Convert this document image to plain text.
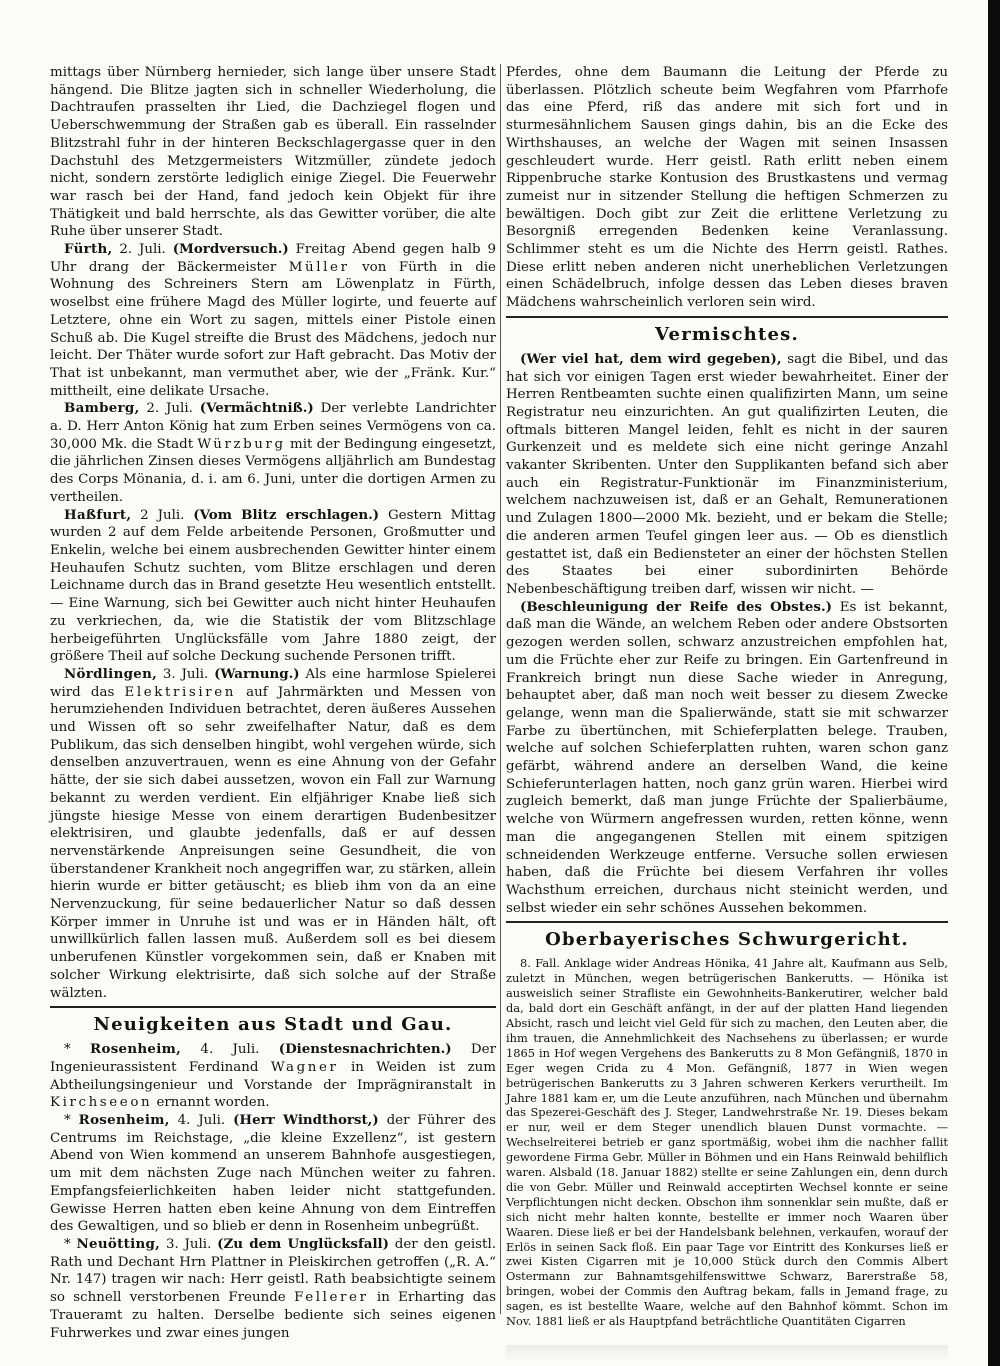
mittags über Nürnberg hernieder, sich lange über unsere Stadt hängend. Die Blitze jagten sich in schneller Wiederholung, die Dachtraufen prasselten ihr Lied, die Dachziegel flogen und Ueberschwemmung der Straßen gab es überall. Ein rasselnder Blitzstrahl fuhr in der hinteren Beckschlagergasse quer in den Dachstuhl des Metzgermeisters Witzmüller, zündete jedoch nicht, sondern zerstörte lediglich einige Ziegel. Die Feuerwehr war rasch bei der Hand, fand jedoch kein Objekt für ihre Thätigkeit und bald herrschte, als das Gewitter vorüber, die alte Ruhe über unserer Stadt.

Fürth, 2. Juli. (Mordversuch.) Freitag Abend gegen halb 9 Uhr drang der Bäckermeister Müller von Fürth in die Wohnung des Schreiners Stern am Löwenplatz in Fürth, woselbst eine frühere Magd des Müller logirte, und feuerte auf Letztere, ohne ein Wort zu sagen, mittels einer Pistole einen Schuß ab. Die Kugel streifte die Brust des Mädchens, jedoch nur leicht. Der Thäter wurde sofort zur Haft gebracht. Das Motiv der That ist unbekannt, man vermuthet aber, wie der „Fränk. Kur.“ mittheilt, eine delikate Ursache.

Bamberg, 2. Juli. (Vermächtniß.) Der verlebte Landrichter a. D. Herr Anton König hat zum Erben seines Vermögens von ca. 30,000 Mk. die Stadt Würzburg mit der Bedingung eingesetzt, die jährlichen Zinsen dieses Vermögens alljährlich am Bundestag des Corps Mönania, d. i. am 6. Juni, unter die dortigen Armen zu vertheilen.

Haßfurt, 2 Juli. (Vom Blitz erschlagen.) Gestern Mittag wurden 2 auf dem Felde arbeitende Personen, Großmutter und Enkelin, welche bei einem ausbrechenden Gewitter hinter einem Heuhaufen Schutz suchten, vom Blitze erschlagen und deren Leichname durch das in Brand gesetzte Heu wesentlich entstellt. — Eine Warnung, sich bei Gewitter auch nicht hinter Heuhaufen zu verkriechen, da, wie die Statistik der vom Blitzschlage herbeigeführten Unglücksfälle vom Jahre 1880 zeigt, der größere Theil auf solche Deckung suchende Personen trifft.

Nördlingen, 3. Juli. (Warnung.) Als eine harmlose Spielerei wird das Elektrisiren auf Jahrmärkten und Messen von herumziehenden Individuen betrachtet, deren äußeres Aussehen und Wissen oft so sehr zweifelhafter Natur, daß es dem Publikum, das sich denselben hingibt, wohl vergehen würde, sich denselben anzuvertrauen, wenn es eine Ahnung von der Gefahr hätte, der sie sich dabei aussetzen, wovon ein Fall zur Warnung bekannt zu werden verdient. Ein elfjähriger Knabe ließ sich jüngste hiesige Messe von einem derartigen Budenbesitzer elektrisiren, und glaubte jedenfalls, daß er auf dessen nervenstärkende Anpreisungen seine Gesundheit, die von überstandener Krankheit noch angegriffen war, zu stärken, allein hierin wurde er bitter getäuscht; es blieb ihm von da an eine Nervenzuckung, für seine bedauerlicher Natur so daß dessen Körper immer in Unruhe ist und was er in Händen hält, oft unwillkürlich fallen lassen muß. Außerdem soll es bei diesem unberufenen Künstler vorgekommen sein, daß er Knaben mit solcher Wirkung elektrisirte, daß sich solche auf der Straße wälzten.

Neuigkeiten aus Stadt und Gau.

* Rosenheim, 4. Juli. (Dienstesnachrichten.) Der Ingenieurassistent Ferdinand Wagner in Weiden ist zum Abtheilungsingenieur und Vorstande der Imprägniranstalt in Kirchseeon ernannt worden.

* Rosenheim, 4. Juli. (Herr Windthorst,) der Führer des Centrums im Reichstage, „die kleine Exzellenz“, ist gestern Abend von Wien kommend an unserem Bahnhofe ausgestiegen, um mit dem nächsten Zuge nach München weiter zu fahren. Empfangsfeierlichkeiten haben leider nicht stattgefunden. Gewisse Herren hatten eben keine Ahnung von dem Eintreffen des Gewaltigen, und so blieb er denn in Rosenheim unbegrüßt.

* Neuötting, 3. Juli. (Zu dem Unglücksfall) der den geistl. Rath und Dechant Hrn Plattner in Pleiskirchen getroffen („R. A.“ Nr. 147) tragen wir nach: Herr geistl. Rath beabsichtigte seinem so schnell verstorbenen Freunde Fellerer in Erharting das Traueramt zu halten. Derselbe bediente sich seines eigenen Fuhrwerkes und zwar eines jungen

Pferdes, ohne dem Baumann die Leitung der Pferde zu überlassen. Plötzlich scheute beim Wegfahren vom Pfarrhofe das eine Pferd, riß das andere mit sich fort und in sturmesähnlichem Sausen gings dahin, bis an die Ecke des Wirthshauses, an welche der Wagen mit seinen Insassen geschleudert wurde. Herr geistl. Rath erlitt neben einem Rippenbruche starke Kontusion des Brustkastens und vermag zumeist nur in sitzender Stellung die heftigen Schmerzen zu bewältigen. Doch gibt zur Zeit die erlittene Verletzung zu Besorgniß erregenden Bedenken keine Veranlassung. Schlimmer steht es um die Nichte des Herrn geistl. Rathes. Diese erlitt neben anderen nicht unerheblichen Verletzungen einen Schädelbruch, infolge dessen das Leben dieses braven Mädchens wahrscheinlich verloren sein wird.

Vermischtes.

(Wer viel hat, dem wird gegeben), sagt die Bibel, und das hat sich vor einigen Tagen erst wieder bewahrheitet. Einer der Herren Rentbeamten suchte einen qualifizirten Mann, um seine Registratur neu einzurichten. An gut qualifizirten Leuten, die oftmals bitteren Mangel leiden, fehlt es nicht in der sauren Gurkenzeit und es meldete sich eine nicht geringe Anzahl vakanter Skribenten. Unter den Supplikanten befand sich aber auch ein Registratur-Funktionär im Finanzministerium, welchem nachzuweisen ist, daß er an Gehalt, Remunerationen und Zulagen 1800—2000 Mk. bezieht, und er bekam die Stelle; die anderen armen Teufel gingen leer aus. — Ob es dienstlich gestattet ist, daß ein Bediensteter an einer der höchsten Stellen des Staates bei einer subordinirten Behörde Nebenbeschäftigung treiben darf, wissen wir nicht. —

(Beschleunigung der Reife des Obstes.) Es ist bekannt, daß man die Wände, an welchem Reben oder andere Obstsorten gezogen werden sollen, schwarz anzustreichen empfohlen hat, um die Früchte eher zur Reife zu bringen. Ein Gartenfreund in Frankreich bringt nun diese Sache wieder in Anregung, behauptet aber, daß man noch weit besser zu diesem Zwecke gelange, wenn man die Spalierwände, statt sie mit schwarzer Farbe zu übertünchen, mit Schieferplatten belege. Trauben, welche auf solchen Schieferplatten ruhten, waren schon ganz gefärbt, während andere an derselben Wand, die keine Schieferunterlagen hatten, noch ganz grün waren. Hierbei wird zugleich bemerkt, daß man junge Früchte der Spalierbäume, welche von Würmern angefressen wurden, retten könne, wenn man die angegangenen Stellen mit einem spitzigen schneidenden Werkzeuge entferne. Versuche sollen erwiesen haben, daß die Früchte bei diesem Verfahren ihr volles Wachsthum erreichen, durchaus nicht steinicht werden, und selbst wieder ein sehr schönes Aussehen bekommen.

Oberbayerisches Schwurgericht.

8. Fall. Anklage wider Andreas Hönika, 41 Jahre alt, Kaufmann aus Selb, zuletzt in München, wegen betrügerischen Bankerutts. — Hönika ist ausweislich seiner Strafliste ein Gewohnheits-Bankerutirer, welcher bald da, bald dort ein Geschäft anfängt, in der auf der platten Hand liegenden Absicht, rasch und leicht viel Geld für sich zu machen, den Leuten aber, die ihm trauen, die Annehmlichkeit des Nachsehens zu überlassen; er wurde 1865 in Hof wegen Vergehens des Bankerutts zu 8 Mon Gefängniß, 1870 in Eger wegen Crida zu 4 Mon. Gefängniß, 1877 in Wien wegen betrügerischen Bankerutts zu 3 Jahren schweren Kerkers verurtheilt. Im Jahre 1881 kam er, um die Leute anzuführen, nach München und übernahm das Spezerei-Geschäft des J. Steger, Landwehrstraße Nr. 19. Dieses bekam er nur, weil er dem Steger unendlich blauen Dunst vormachte. — Wechselreiterei betrieb er ganz sportmäßig, wobei ihm die nachher fallit gewordene Firma Gebr. Müller in Böhmen und ein Hans Reinwald behilflich waren. Alsbald (18. Januar 1882) stellte er seine Zahlungen ein, denn durch die von Gebr. Müller und Reinwald acceptirten Wechsel konnte er seine Verpflichtungen nicht decken. Obschon ihm sonnenklar sein mußte, daß er sich nicht mehr halten konnte, bestellte er immer noch Waaren über Waaren. Diese ließ er bei der Handelsbank belehnen, verkaufen, worauf der Erlös in seinen Sack floß. Ein paar Tage vor Eintritt des Konkurses ließ er zwei Kisten Cigarren mit je 10,000 Stück durch den Commis Albert Ostermann zur Bahnamtsgehilfenswittwe Schwarz, Barerstraße 58, bringen, wobei der Commis den Auftrag bekam, falls in Jemand frage, zu sagen, es ist bestellte Waare, welche auf den Bahnhof kömmt. Schon im Nov. 1881 ließ er als Hauptpfand beträchtliche Quantitäten Cigarren
